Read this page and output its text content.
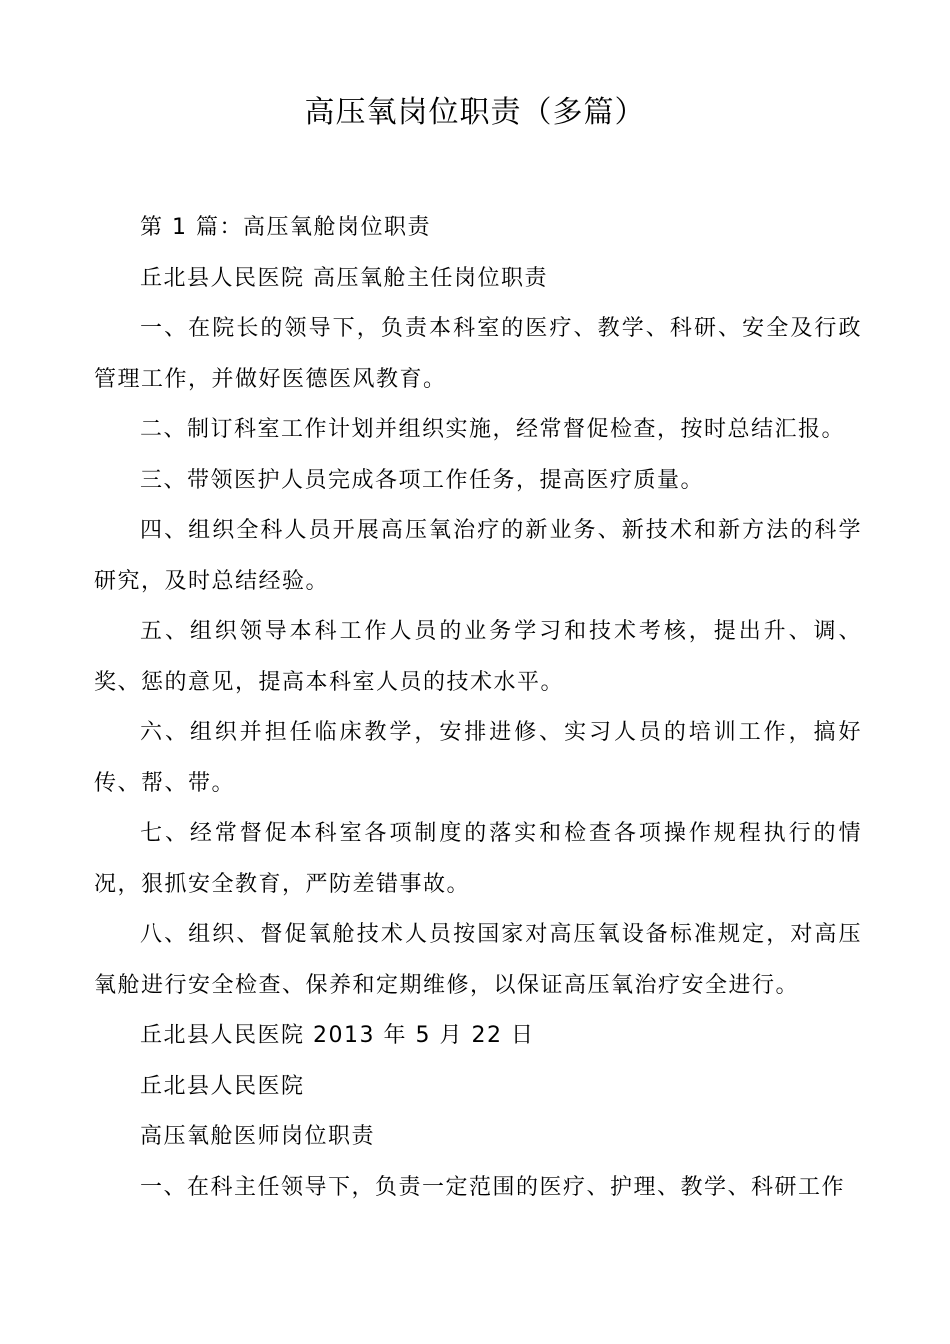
高压氧岗位职责（多篇）

第 1 篇：高压氧舱岗位职责

丘北县人民医院 高压氧舱主任岗位职责

一、在院长的领导下，负责本科室的医疗、教学、科研、安全及行政管理工作，并做好医德医风教育。

二、制订科室工作计划并组织实施，经常督促检查，按时总结汇报。

三、带领医护人员完成各项工作任务，提高医疗质量。

四、组织全科人员开展高压氧治疗的新业务、新技术和新方法的科学研究，及时总结经验。

五、组织领导本科工作人员的业务学习和技术考核，提出升、调、奖、惩的意见，提高本科室人员的技术水平。

六、组织并担任临床教学，安排进修、实习人员的培训工作，搞好传、帮、带。

七、经常督促本科室各项制度的落实和检查各项操作规程执行的情况，狠抓安全教育，严防差错事故。

八、组织、督促氧舱技术人员按国家对高压氧设备标准规定，对高压氧舱进行安全检查、保养和定期维修，以保证高压氧治疗安全进行。

丘北县人民医院 2013 年 5 月 22 日

丘北县人民医院

高压氧舱医师岗位职责

一、在科主任领导下，负责一定范围的医疗、护理、教学、科研工作
